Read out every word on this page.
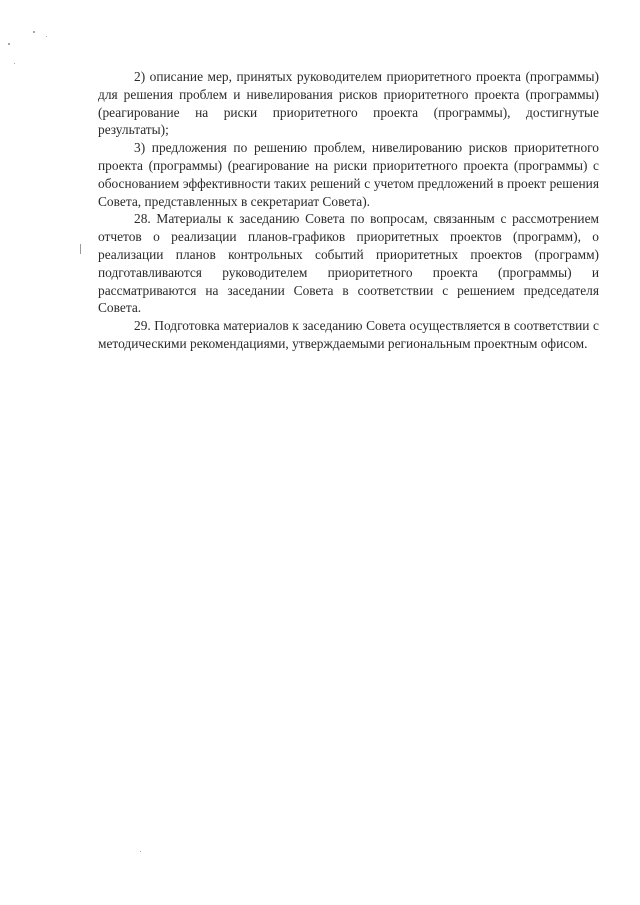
2) описание мер, принятых руководителем приоритетного проекта (программы) для решения проблем и нивелирования рисков приоритетного проекта (программы) (реагирование на риски приоритетного проекта (программы), достигнутые результаты);

3) предложения по решению проблем, нивелированию рисков приоритетного проекта (программы) (реагирование на риски приоритетного проекта (программы) с обоснованием эффективности таких решений с учетом предложений в проект решения Совета, представленных в секретариат Совета).

28. Материалы к заседанию Совета по вопросам, связанным с рассмотрением отчетов о реализации планов-графиков приоритетных проектов (программ), о реализации планов контрольных событий приоритетных проектов (программ) подготавливаются руководителем приоритетного проекта (программы) и рассматриваются на заседании Совета в соответствии с решением председателя Совета.

29. Подготовка материалов к заседанию Совета осуществляется в соответствии с методическими рекомендациями, утверждаемыми региональным проектным офисом.
